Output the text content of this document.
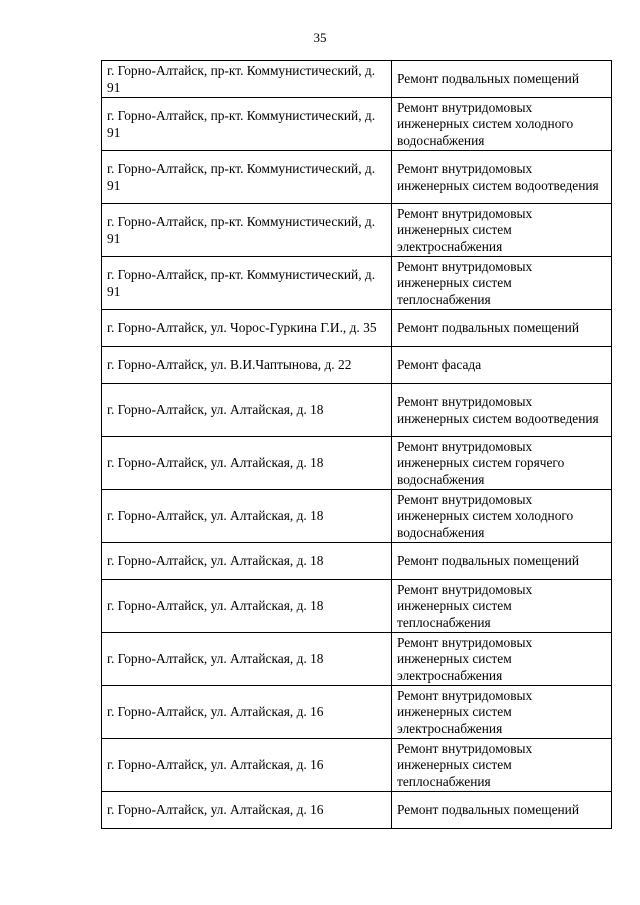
35
г. Горно-Алтайск, пр-кт. Коммунистический, д. 91	Ремонт подвальных помещений
г. Горно-Алтайск, пр-кт. Коммунистический, д. 91	Ремонт внутридомовых инженерных систем холодного водоснабжения
г. Горно-Алтайск, пр-кт. Коммунистический, д. 91	Ремонт внутридомовых инженерных систем водоотведения
г. Горно-Алтайск, пр-кт. Коммунистический, д. 91	Ремонт внутридомовых инженерных систем электроснабжения
г. Горно-Алтайск, пр-кт. Коммунистический, д. 91	Ремонт внутридомовых инженерных систем теплоснабжения
г. Горно-Алтайск, ул. Чорос-Гуркина Г.И., д. 35	Ремонт подвальных помещений
г. Горно-Алтайск, ул. В.И.Чаптынова, д. 22	Ремонт фасада
г. Горно-Алтайск, ул. Алтайская, д. 18	Ремонт внутридомовых инженерных систем водоотведения
г. Горно-Алтайск, ул. Алтайская, д. 18	Ремонт внутридомовых инженерных систем горячего водоснабжения
г. Горно-Алтайск, ул. Алтайская, д. 18	Ремонт внутридомовых инженерных систем холодного водоснабжения
г. Горно-Алтайск, ул. Алтайская, д. 18	Ремонт подвальных помещений
г. Горно-Алтайск, ул. Алтайская, д. 18	Ремонт внутридомовых инженерных систем теплоснабжения
г. Горно-Алтайск, ул. Алтайская, д. 18	Ремонт внутридомовых инженерных систем электроснабжения
г. Горно-Алтайск, ул. Алтайская, д. 16	Ремонт внутридомовых инженерных систем электроснабжения
г. Горно-Алтайск, ул. Алтайская, д. 16	Ремонт внутридомовых инженерных систем теплоснабжения
г. Горно-Алтайск, ул. Алтайская, д. 16	Ремонт подвальных помещений
